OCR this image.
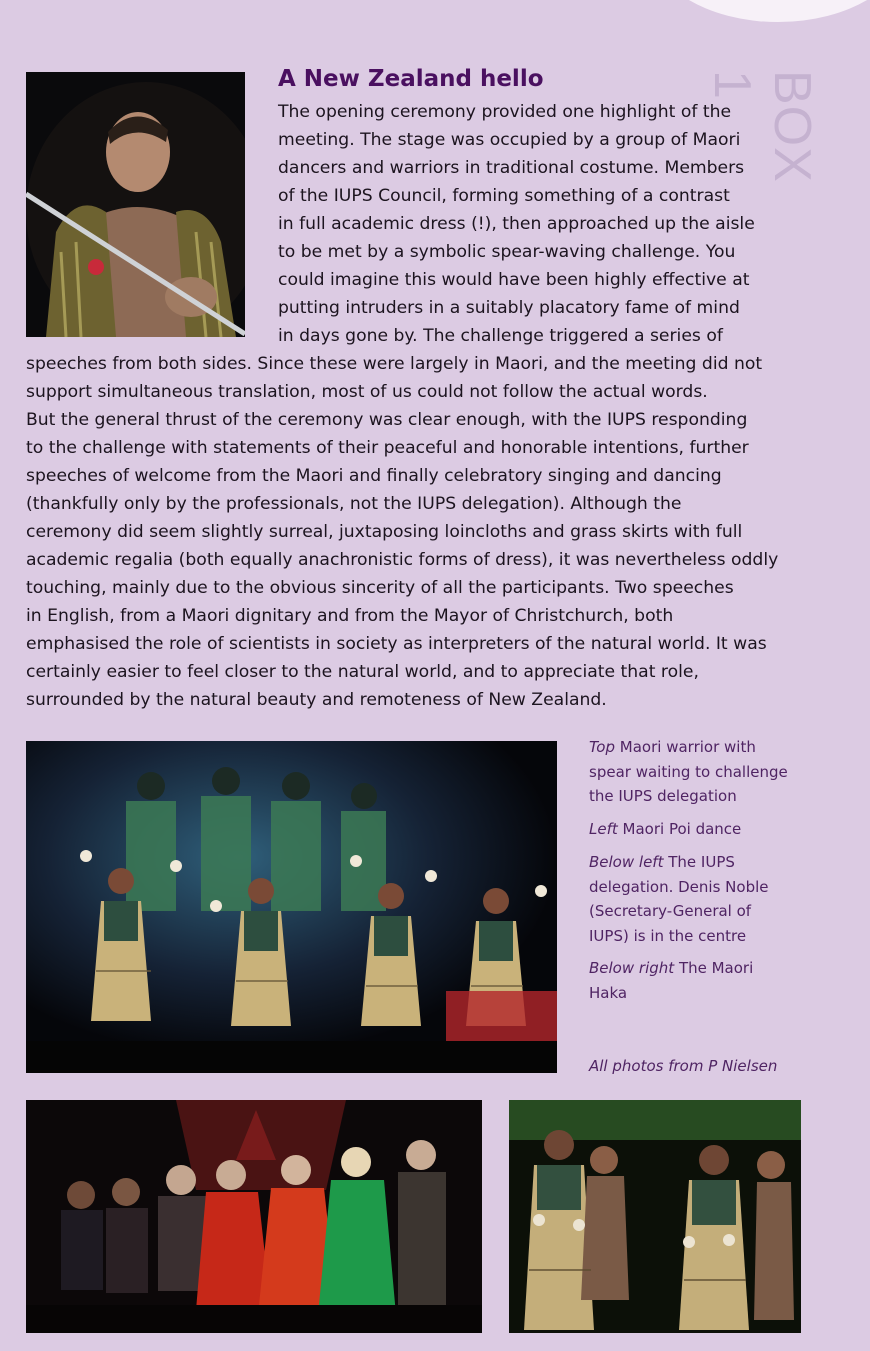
BOX 1
A New Zealand hello
The opening ceremony provided one highlight of the
meeting. The stage was occupied by a group of Maori
dancers and warriors in traditional costume. Members
of the IUPS Council, forming something of a contrast
in full academic dress (!), then approached up the aisle
to be met by a symbolic spear-waving challenge. You
could imagine this would have been highly effective at
putting intruders in a suitably placatory fame of mind
in days gone by. The challenge triggered a series of
speeches from both sides. Since these were largely in Maori, and the meeting did not
support simultaneous translation, most of us could not follow the actual words.
But the general thrust of the ceremony was clear enough, with the IUPS responding
to the challenge with statements of their peaceful and honorable intentions, further
speeches of welcome from the Maori and finally celebratory singing and dancing
(thankfully only by the professionals, not the IUPS delegation). Although the
ceremony did seem slightly surreal, juxtaposing loincloths and grass skirts with full
academic regalia (both equally anachronistic forms of dress), it was nevertheless oddly
touching, mainly due to the obvious sincerity of all the participants. Two speeches
in English, from a Maori dignitary and from the Mayor of Christchurch, both
emphasised the role of scientists in society as interpreters of the natural world. It was
certainly easier to feel closer to the natural world, and to appreciate that role,
surrounded by the natural beauty and remoteness of New Zealand.
Top Maori warrior with
spear waiting to challenge
the IUPS delegation
Left Maori Poi dance
Below left The IUPS
delegation. Denis Noble
(Secretary-General of
IUPS) is in the centre
Below right The Maori
Haka
All photos from P Nielsen
